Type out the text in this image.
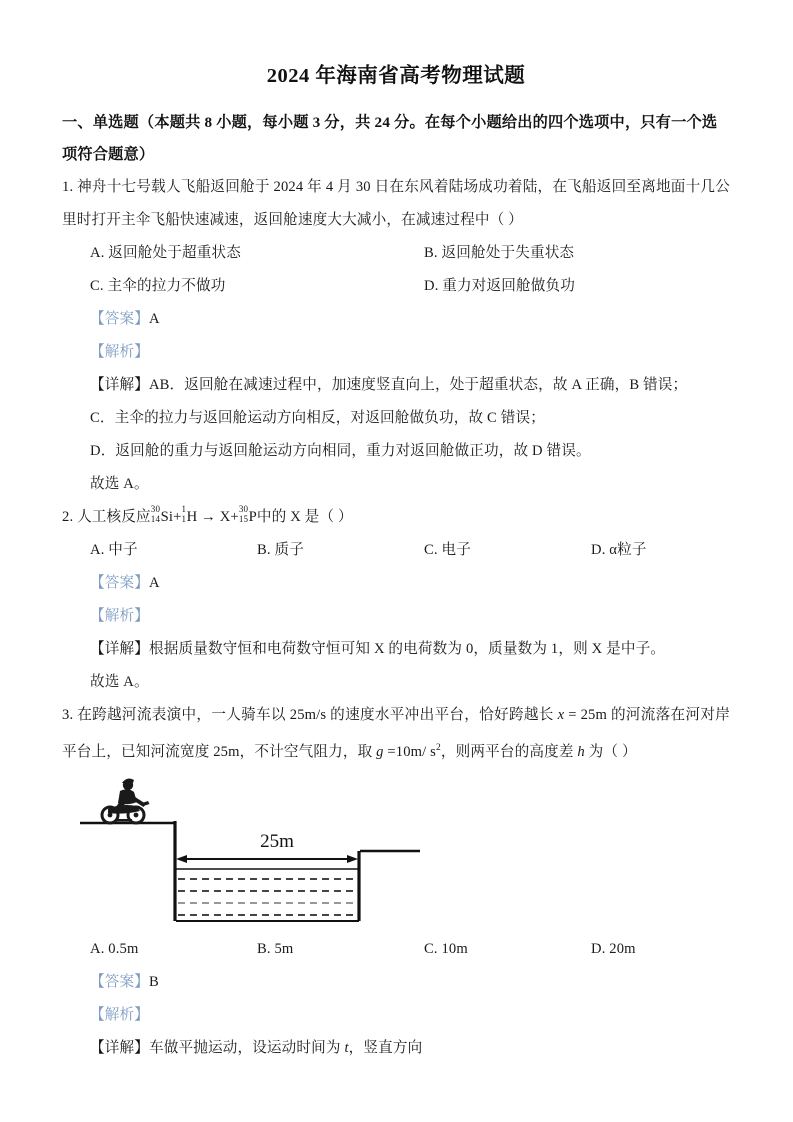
2024 年海南省高考物理试题
一、单选题（本题共 8 小题，每小题 3 分，共 24 分。在每个小题给出的四个选项中，只有一个选项符合题意）
1. 神舟十七号载人飞船返回舱于 2024 年 4 月 30 日在东风着陆场成功着陆，在飞船返回至离地面十几公里时打开主伞飞船快速减速，返回舱速度大大减小，在减速过程中（ ）
A. 返回舱处于超重状态	B. 返回舱处于失重状态
C. 主伞的拉力不做功	D. 重力对返回舱做负功
【答案】A
【解析】
【详解】AB．返回舱在减速过程中，加速度竖直向上，处于超重状态，故 A 正确，B 错误；
C．主伞的拉力与返回舱运动方向相反，对返回舱做负功，故 C 错误；
D．返回舱的重力与返回舱运动方向相同，重力对返回舱做正功，故 D 错误。
故选 A。
2. 人工核反应 30
14 Si+ 1
1 H → X+ 30
15 P中的 X 是（ ）
A. 中子	B. 质子	C. 电子	D. α粒子
【答案】A
【解析】
【详解】根据质量数守恒和电荷数守恒可知 X 的电荷数为 0，质量数为 1，则 X 是中子。
故选 A。
3. 在跨越河流表演中，一人骑车以 25m/s 的速度水平冲出平台，恰好跨越长 x = 25m 的河流落在河对岸平台上，已知河流宽度 25m，不计空气阻力，取 g =10m/ $s^2$，则两平台的高度差 h 为（ ）
25m
A. 0.5m	B. 5m	C. 10m	D. 20m
【答案】B
【解析】
【详解】车做平抛运动，设运动时间为 t，竖直方向
